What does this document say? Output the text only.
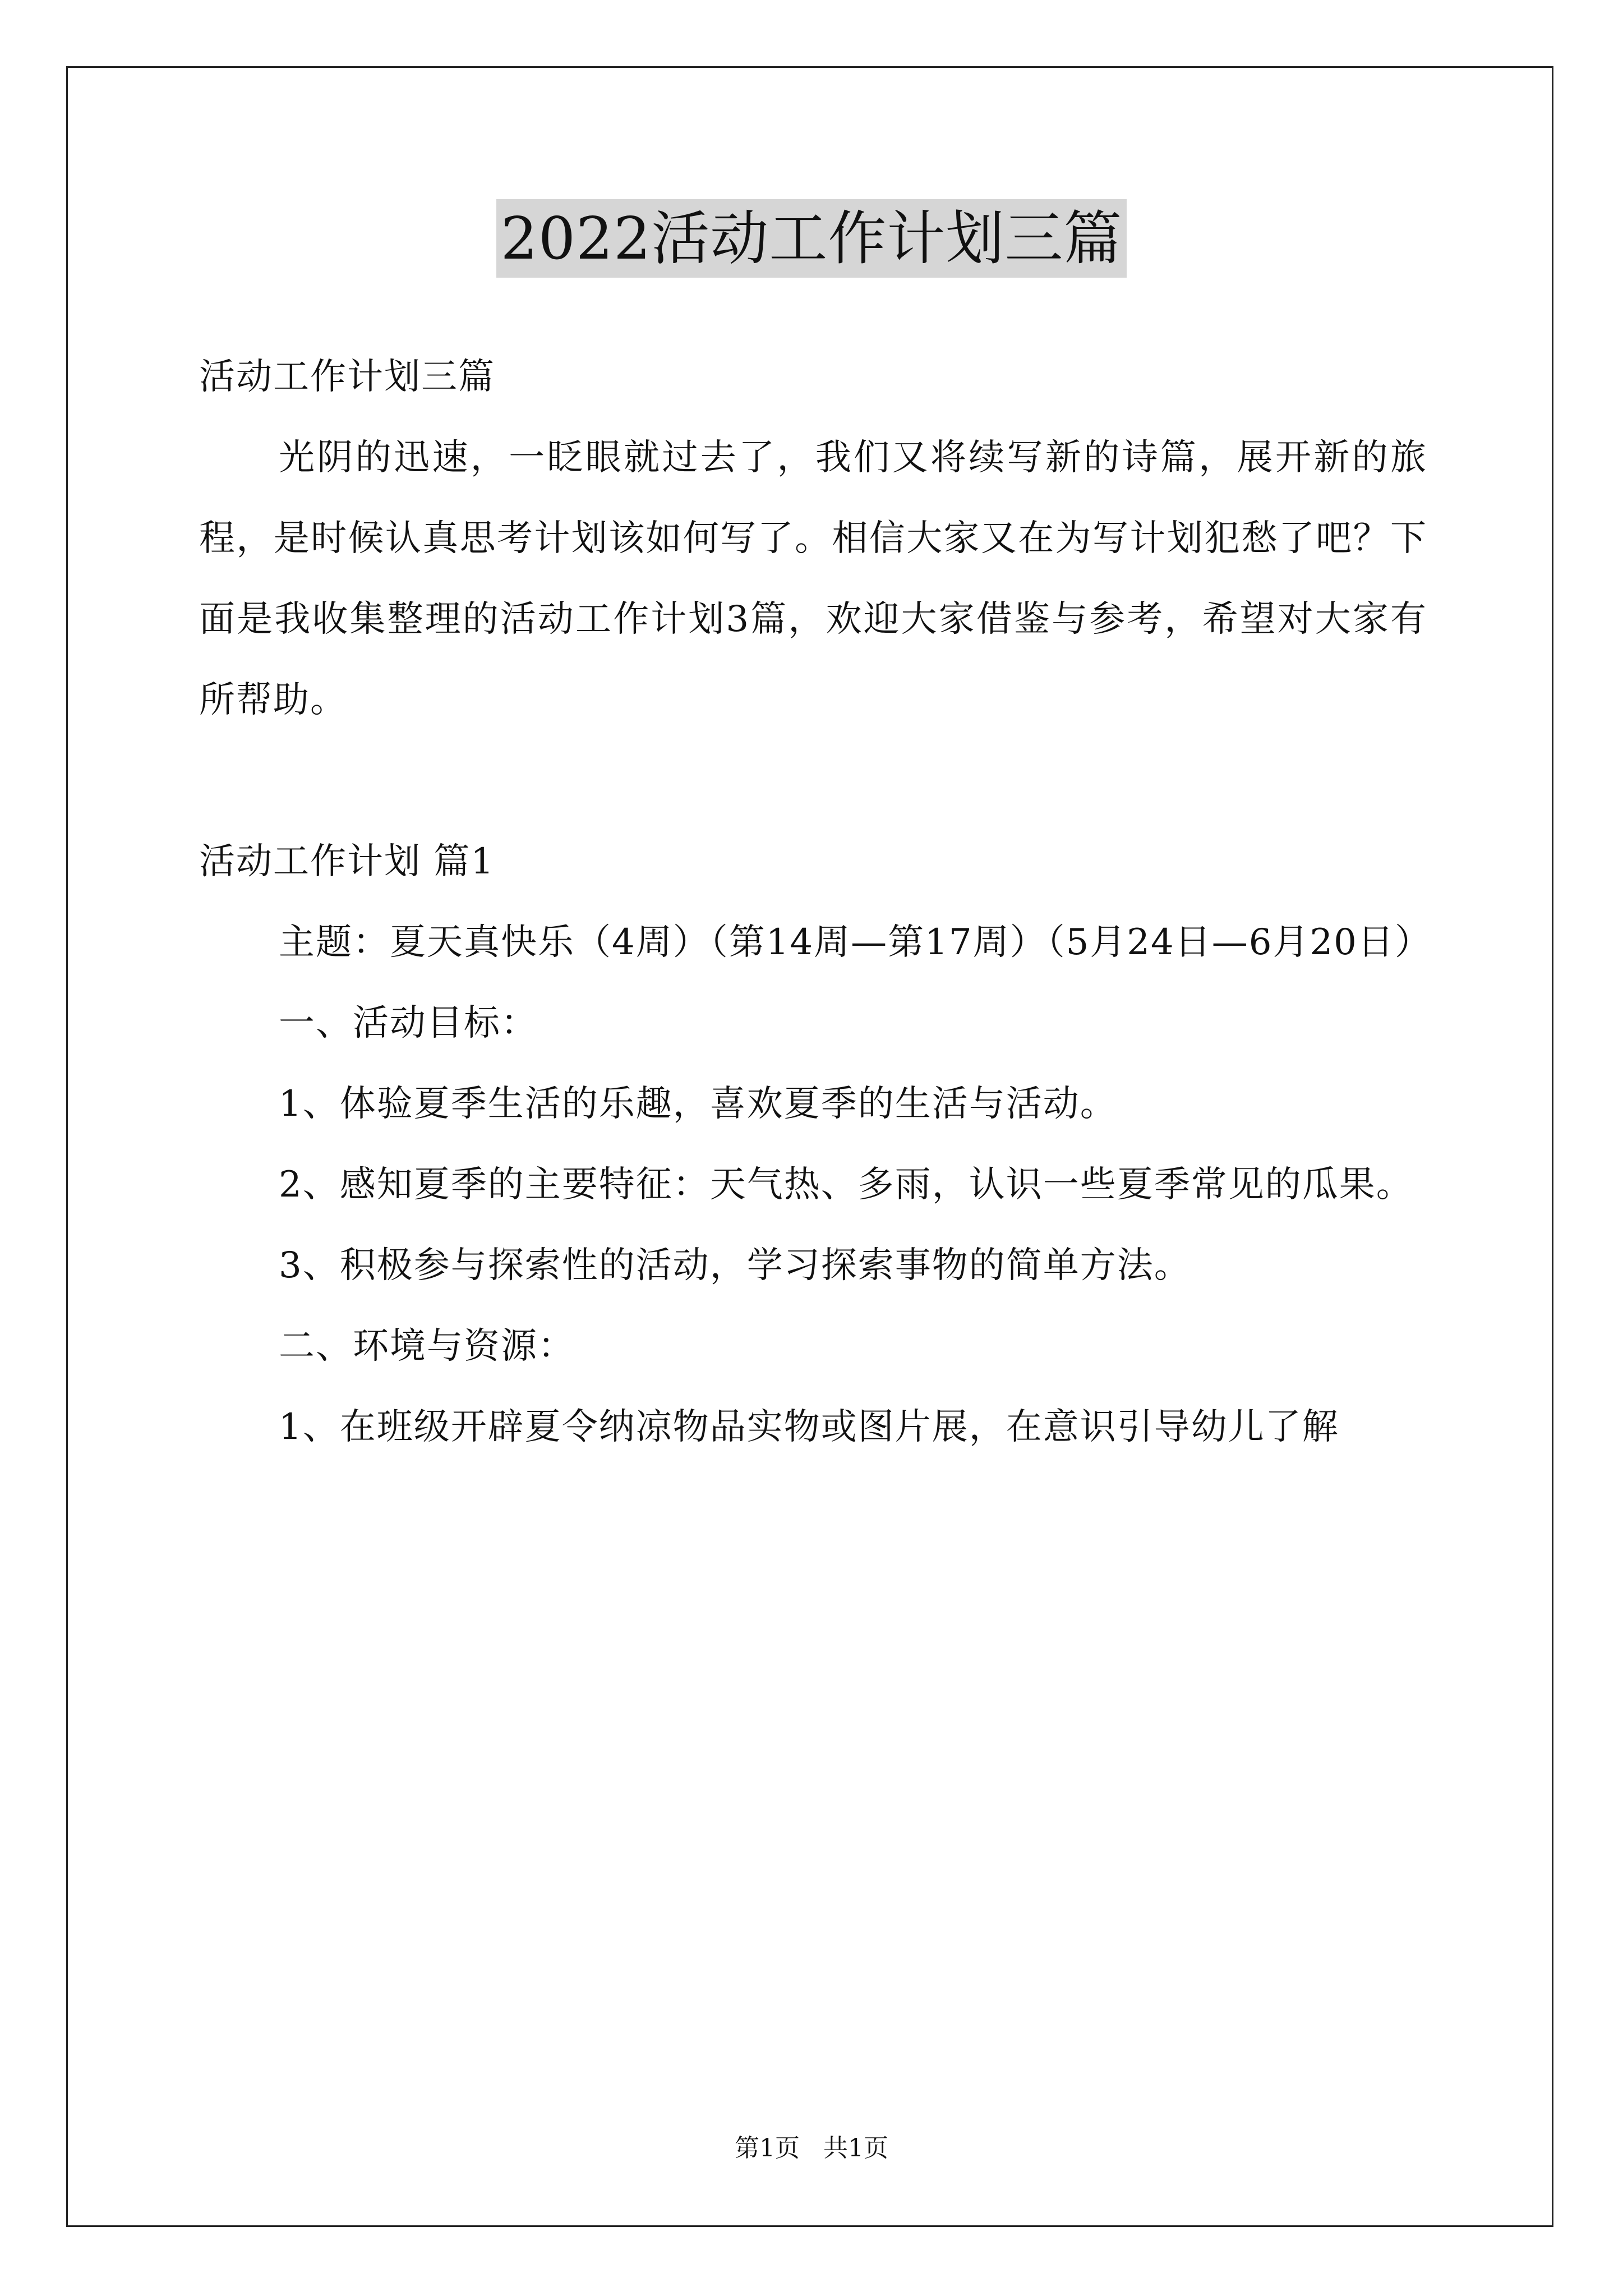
2022活动工作计划三篇

活动工作计划三篇

光阴的迅速，一眨眼就过去了，我们又将续写新的诗篇，展开新的旅程，是时候认真思考计划该如何写了。相信大家又在为写计划犯愁了吧？下面是我收集整理的活动工作计划3篇，欢迎大家借鉴与参考，希望对大家有所帮助。

活动工作计划 篇1

主题：夏天真快乐（4周）（第14周—第17周）（5月24日—6月20日）

一、活动目标：

1、体验夏季生活的乐趣，喜欢夏季的生活与活动。

2、感知夏季的主要特征：天气热、多雨，认识一些夏季常见的瓜果。

3、积极参与探索性的活动，学习探索事物的简单方法。

二、环境与资源：

1、在班级开辟夏令纳凉物品实物或图片展，在意识引导幼儿了解

第1页 共1页
